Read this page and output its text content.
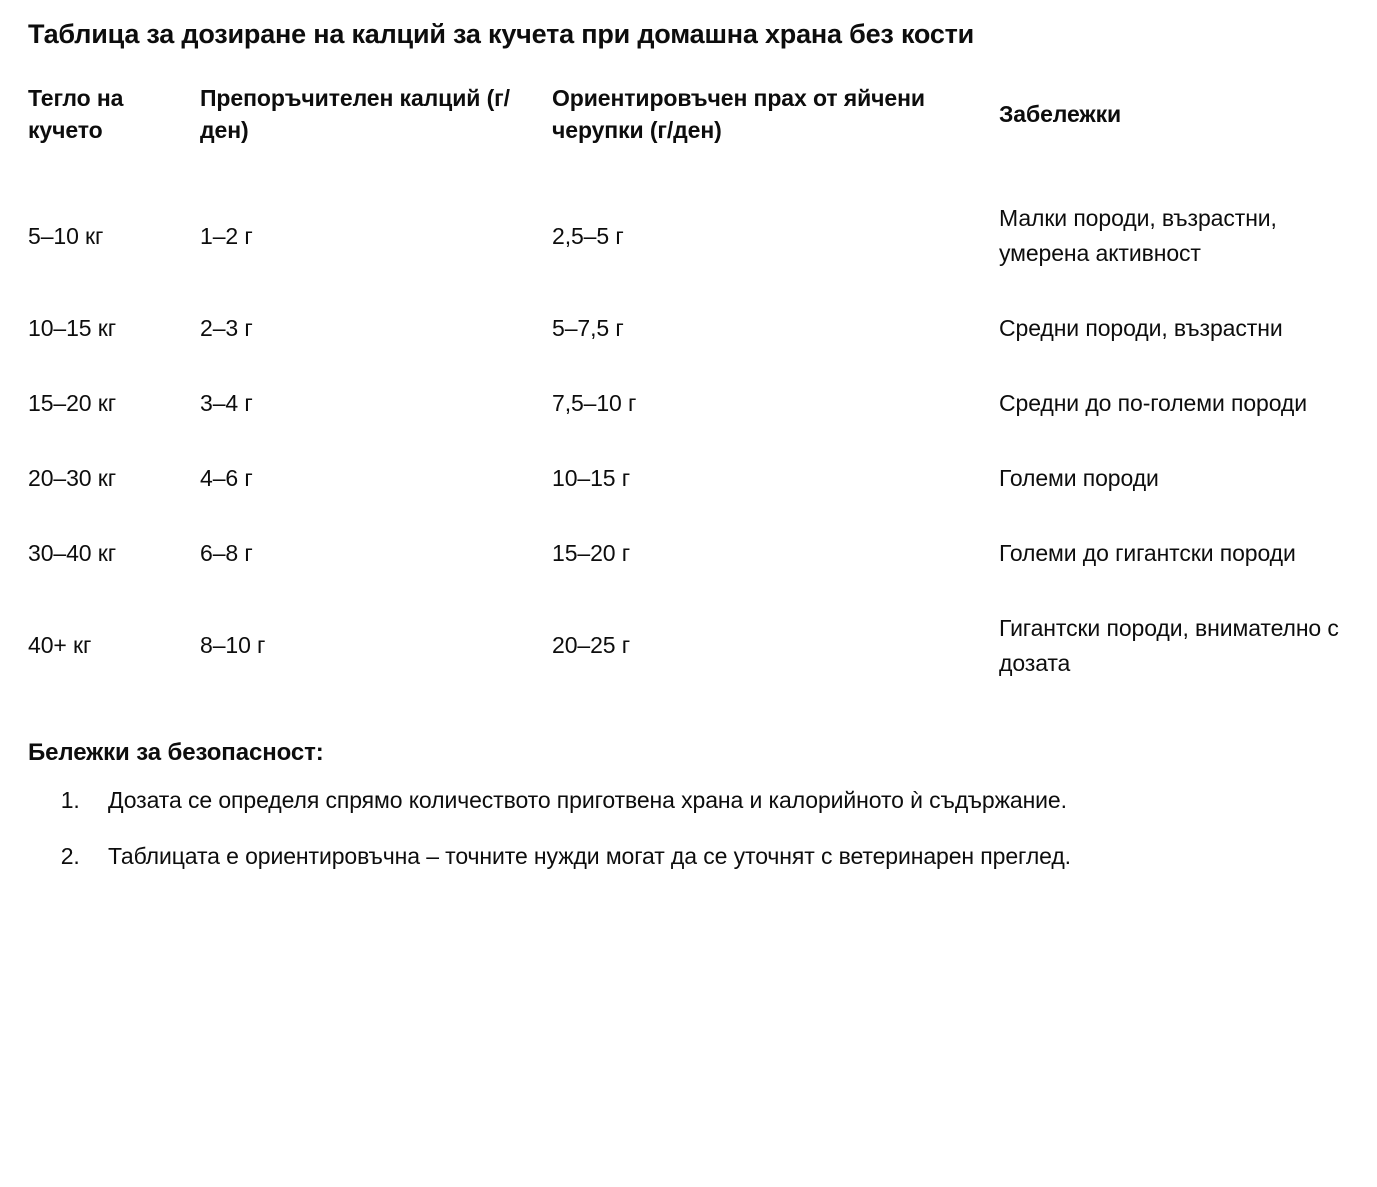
Таблица за дозиране на калций за кучета при домашна храна без кости
Тегло на кучето	Препоръчителен калций (г/ден)	Ориентировъчен прах от яйчени черупки (г/ден)	Забележки
5–10 кг	1–2 г	2,5–5 г	Малки породи, възрастни, умерена активност
10–15 кг	2–3 г	5–7,5 г	Средни породи, възрастни
15–20 кг	3–4 г	7,5–10 г	Средни до по-големи породи
20–30 кг	4–6 г	10–15 г	Големи породи
30–40 кг	6–8 г	15–20 г	Големи до гигантски породи
40+ кг	8–10 г	20–25 г	Гигантски породи, внимателно с дозата
Бележки за безопасност:
1. Дозата се определя спрямо количеството приготвена храна и калорийното ѝ съдържание.
2. Таблицата е ориентировъчна – точните нужди могат да се уточнят с ветеринарен преглед.
